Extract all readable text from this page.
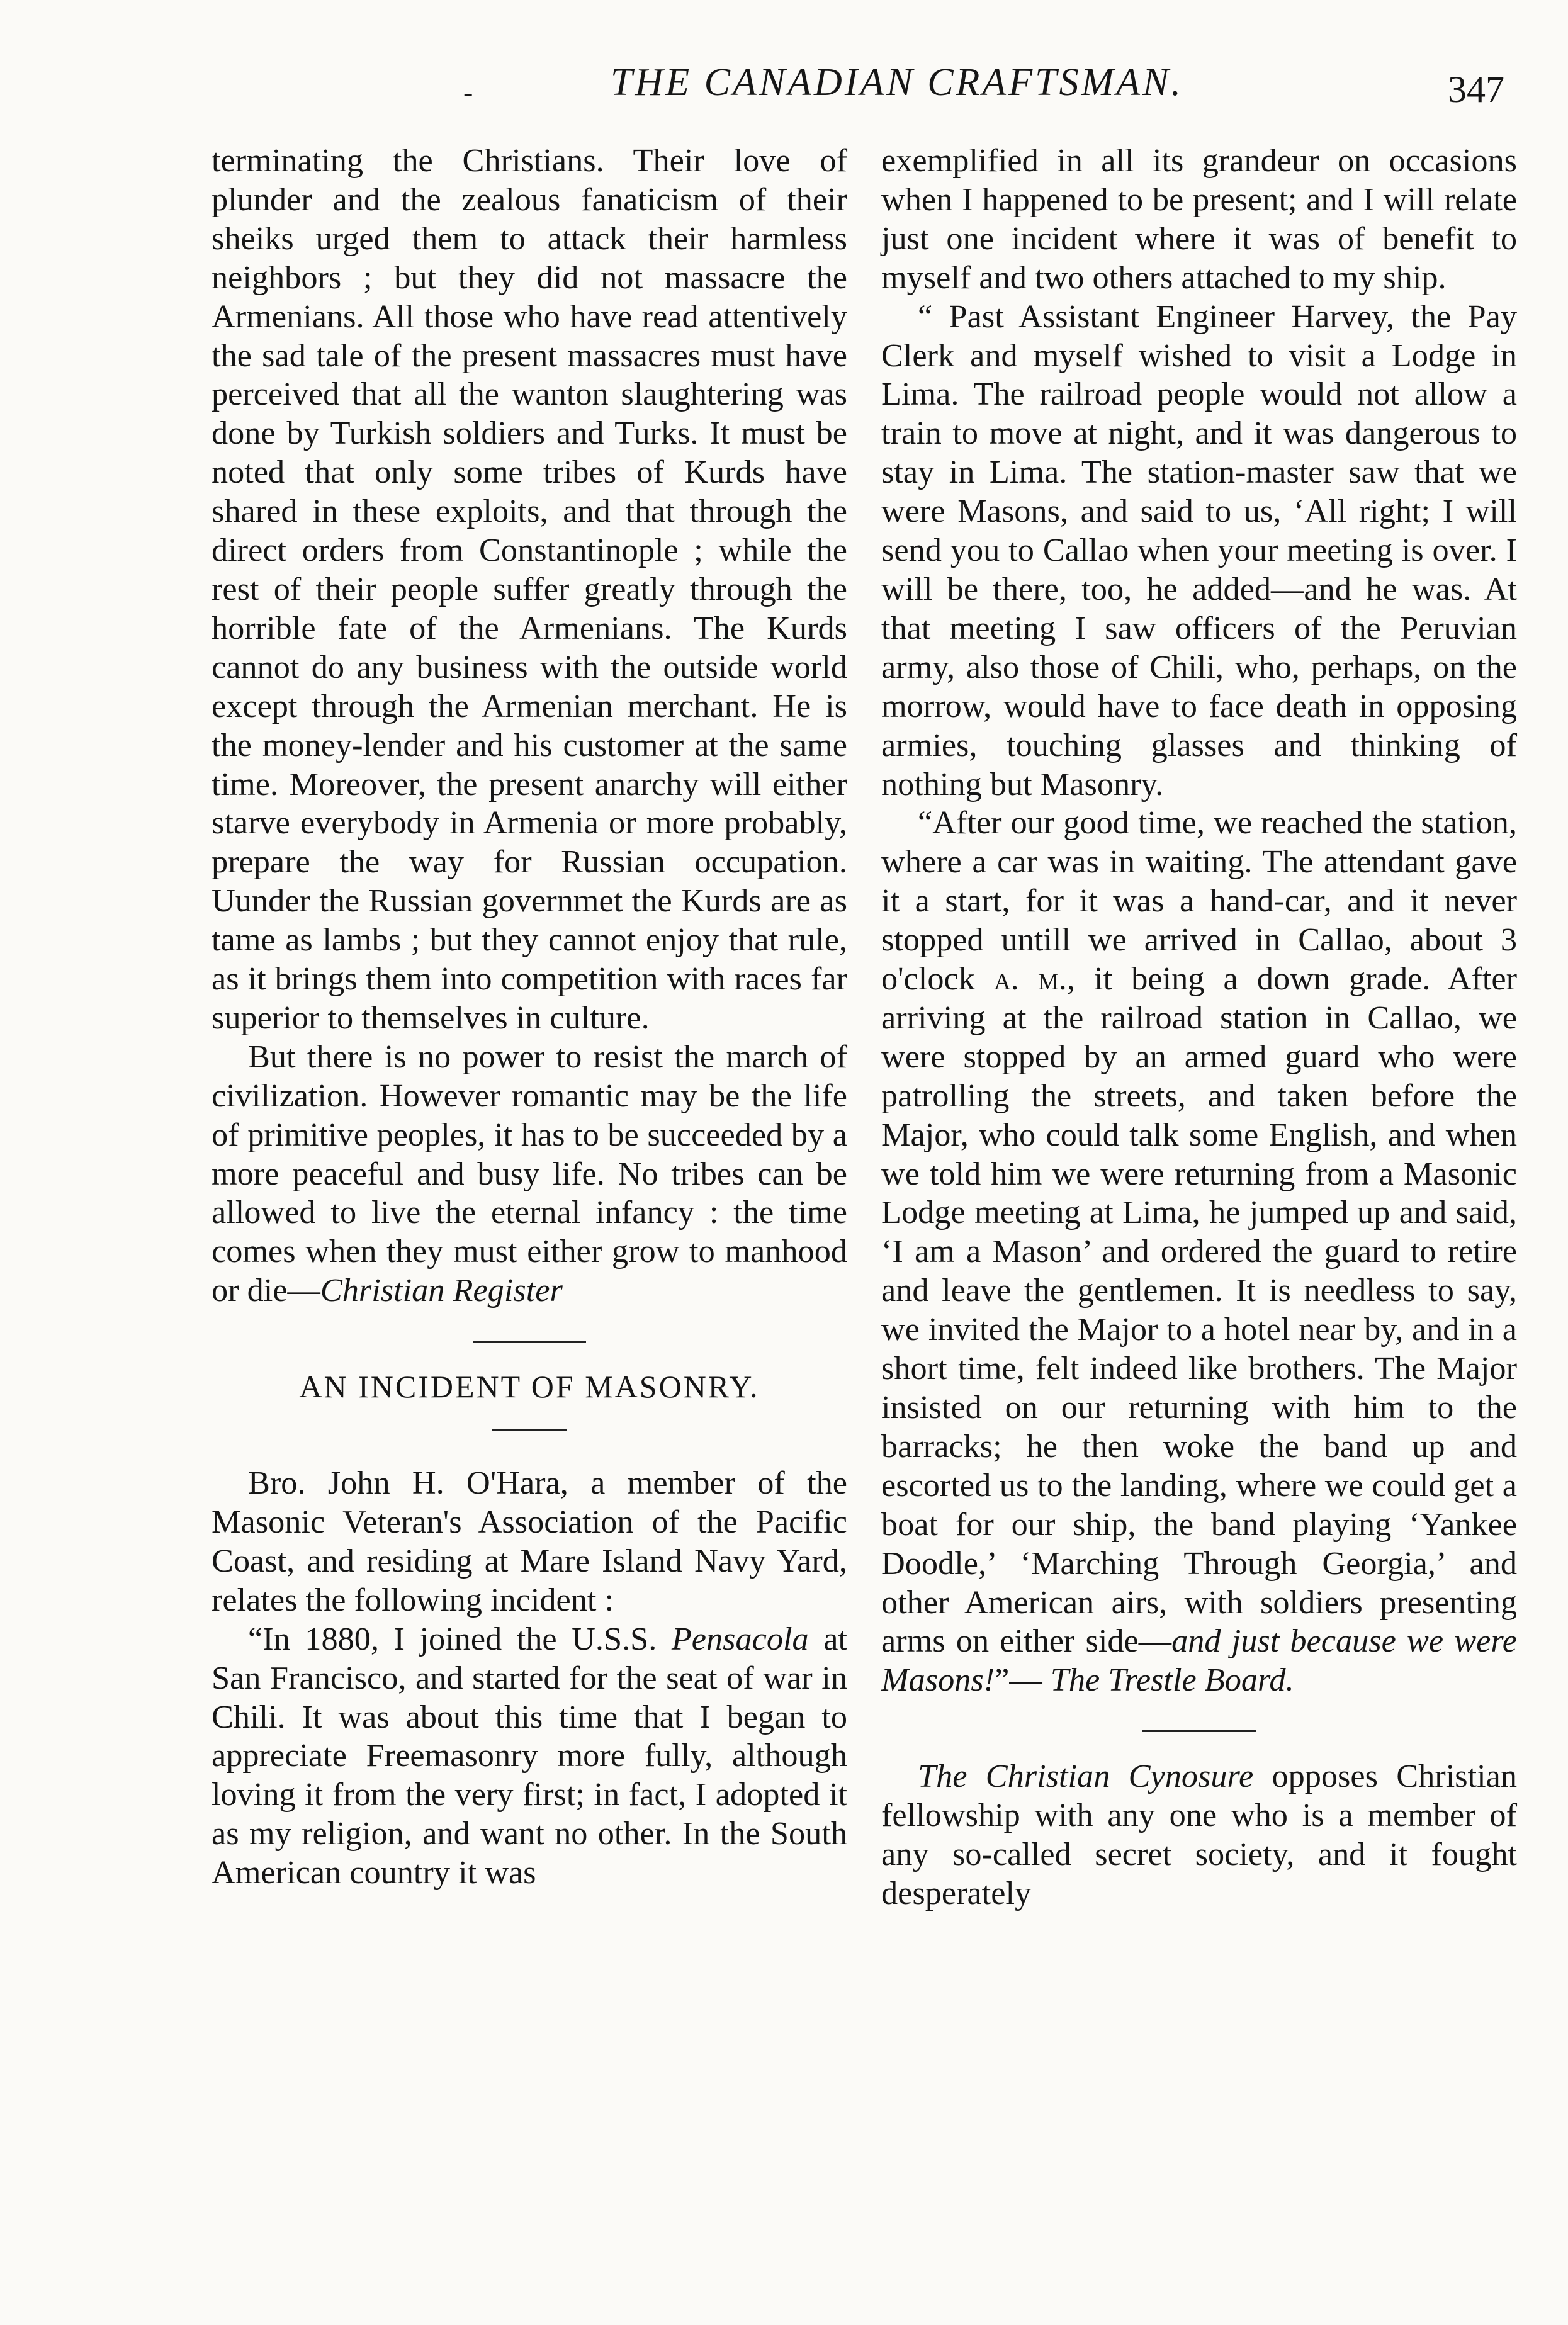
-	THE CANADIAN CRAFTSMAN.	347

terminating the Christians. Their love of plunder and the zealous fanaticism of their sheiks urged them to attack their harmless neighbors ; but they did not massacre the Armenians. All those who have read attentively the sad tale of the present massacres must have perceived that all the wanton slaughtering was done by Turkish soldiers and Turks. It must be noted that only some tribes of Kurds have shared in these exploits, and that through the direct orders from Constantinople ; while the rest of their people suffer greatly through the horrible fate of the Armenians. The Kurds cannot do any business with the outside world except through the Armenian merchant. He is the money-lender and his customer at the same time. Moreover, the present anarchy will either starve everybody in Armenia or more probably, prepare the way for Russian occupation. Uunder the Russian governmet the Kurds are as tame as lambs ; but they cannot enjoy that rule, as it brings them into competition with races far superior to themselves in culture.

But there is no power to resist the march of civilization. However romantic may be the life of primitive peoples, it has to be succeeded by a more peaceful and busy life. No tribes can be allowed to live the eternal infancy : the time comes when they must either grow to manhood or die—Christian Register

AN INCIDENT OF MASONRY.

Bro. John H. O'Hara, a member of the Masonic Veteran's Association of the Pacific Coast, and residing at Mare Island Navy Yard, relates the following incident :

“In 1880, I joined the U.S.S. Pensacola at San Francisco, and started for the seat of war in Chili. It was about this time that I began to appreciate Freemasonry more fully, although loving it from the very first; in fact, I adopted it as my religion, and want no other. In the South American country it was

exemplified in all its grandeur on occasions when I happened to be present; and I will relate just one incident where it was of benefit to myself and two others attached to my ship.

“ Past Assistant Engineer Harvey, the Pay Clerk and myself wished to visit a Lodge in Lima. The railroad people would not allow a train to move at night, and it was dangerous to stay in Lima. The station-master saw that we were Masons, and said to us, ‘All right; I will send you to Callao when your meeting is over. I will be there, too, he added—and he was. At that meeting I saw officers of the Peruvian army, also those of Chili, who, perhaps, on the morrow, would have to face death in opposing armies, touching glasses and thinking of nothing but Masonry.

“After our good time, we reached the station, where a car was in waiting. The attendant gave it a start, for it was a hand-car, and it never stopped untill we arrived in Callao, about 3 o'clock a. m., it being a down grade. After arriving at the railroad station in Callao, we were stopped by an armed guard who were patrolling the streets, and taken before the Major, who could talk some English, and when we told him we were returning from a Masonic Lodge meeting at Lima, he jumped up and said, ‘I am a Mason’ and ordered the guard to retire and leave the gentlemen. It is needless to say, we invited the Major to a hotel near by, and in a short time, felt indeed like brothers. The Major insisted on our returning with him to the barracks; he then woke the band up and escorted us to the landing, where we could get a boat for our ship, the band playing ‘Yankee Doodle,’ ‘Marching Through Georgia,’ and other American airs, with soldiers presenting arms on either side—and just because we were Masons!”— The Trestle Board.

The Christian Cynosure opposes Christian fellowship with any one who is a member of any so-called secret society, and it fought desperately
